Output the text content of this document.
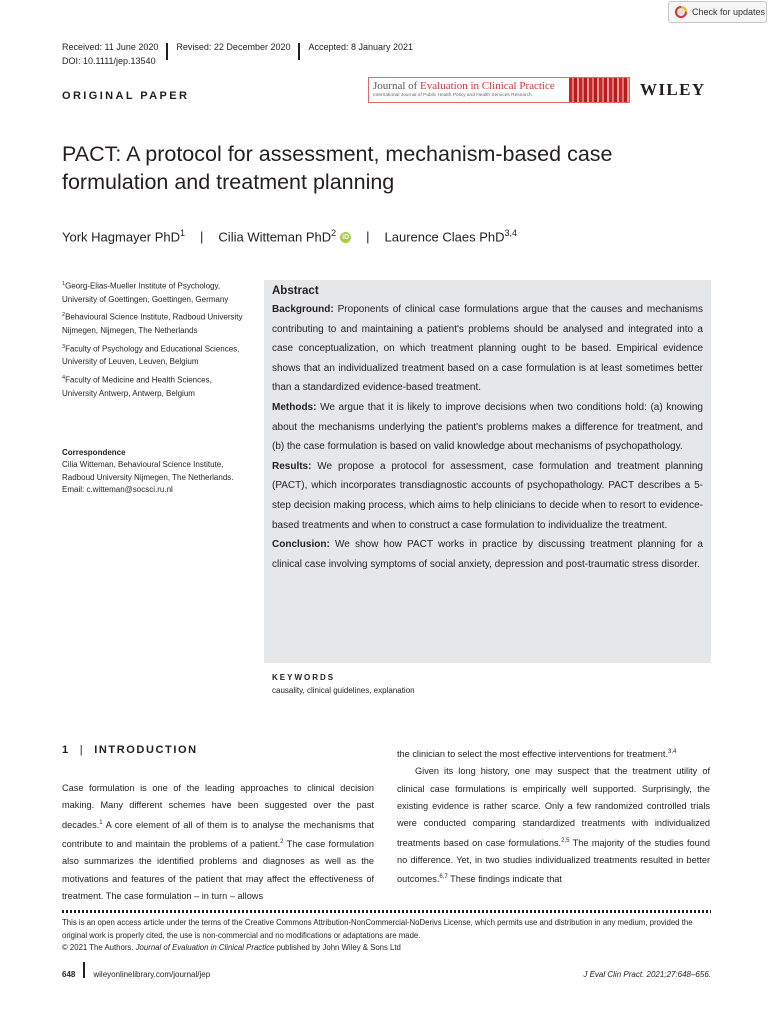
Check for updates
Received: 11 June 2020 Revised: 22 December 2020 Accepted: 8 January 2021
DOI: 10.1111/jep.13540
ORIGINAL PAPER
Journal of Evaluation in Clinical Practice
International Journal of Public Health Policy and Health Services Research	WILEY
PACT: A protocol for assessment, mechanism-based case formulation and treatment planning
York Hagmayer PhD$^1$ | Cilia Witteman PhD$^2$ iD | Laurence Claes PhD$^{3,4}$

$^1$Georg-Elias-Mueller Institute of Psychology, University of Goettingen, Goettingen, Germany

$^2$Behavioural Science Institute, Radboud University Nijmegen, Nijmegen, The Netherlands

$^3$Faculty of Psychology and Educational Sciences, University of Leuven, Leuven, Belgium

$^4$Faculty of Medicine and Health Sciences, University Antwerp, Antwerp, Belgium

Correspondence
Cilia Witteman, Behavioural Science Institute, Radboud University Nijmegen, The Netherlands.
Email: c.witteman@socsci.ru.nl
Abstract

Background: Proponents of clinical case formulations argue that the causes and mechanisms contributing to and maintaining a patient's problems should be analysed and integrated into a case conceptualization, on which treatment planning ought to be based. Empirical evidence shows that an individualized treatment based on a case formulation is at least sometimes better than a standardized evidence-based treatment.

Methods: We argue that it is likely to improve decisions when two conditions hold: (a) knowing about the mechanisms underlying the patient's problems makes a difference for treatment, and (b) the case formulation is based on valid knowledge about mechanisms of psychopathology.

Results: We propose a protocol for assessment, case formulation and treatment planning (PACT), which incorporates transdiagnostic accounts of psychopathology. PACT describes a 5-step decision making process, which aims to help clinicians to decide when to resort to evidence-based treatments and when to construct a case formulation to individualize the treatment.

Conclusion: We show how PACT works in practice by discussing treatment planning for a clinical case involving symptoms of social anxiety, depression and post-traumatic stress disorder.

KEYWORDS
causality, clinical guidelines, explanation
1 | INTRODUCTION

Case formulation is one of the leading approaches to clinical decision making. Many different schemes have been suggested over the past decades.$^1$ A core element of all of them is to analyse the mechanisms that contribute to and maintain the problems of a patient.$^2$ The case formulation also summarizes the identified problems and diagnoses as well as the motivations and features of the patient that may affect the effectiveness of treatment. The case formulation – in turn – allows

the clinician to select the most effective interventions for treatment.$^{3,4}$

Given its long history, one may suspect that the treatment utility of clinical case formulations is empirically well supported. Surprisingly, the existing evidence is rather scarce. Only a few randomized controlled trials were conducted comparing standardized treatments with individualized treatments based on case formulations.$^{2,5}$ The majority of the studies found no difference. Yet, in two studies individualized treatments resulted in better outcomes.$^{6,7}$ These findings indicate that

This is an open access article under the terms of the Creative Commons Attribution-NonCommercial-NoDerivs License, which permits use and distribution in any medium, provided the original work is properly cited, the use is non-commercial and no modifications or adaptations are made.
© 2021 The Authors. Journal of Evaluation in Clinical Practice published by John Wiley & Sons Ltd
648 wileyonlinelibrary.com/journal/jep	J Eval Clin Pract. 2021;27:648–656.
